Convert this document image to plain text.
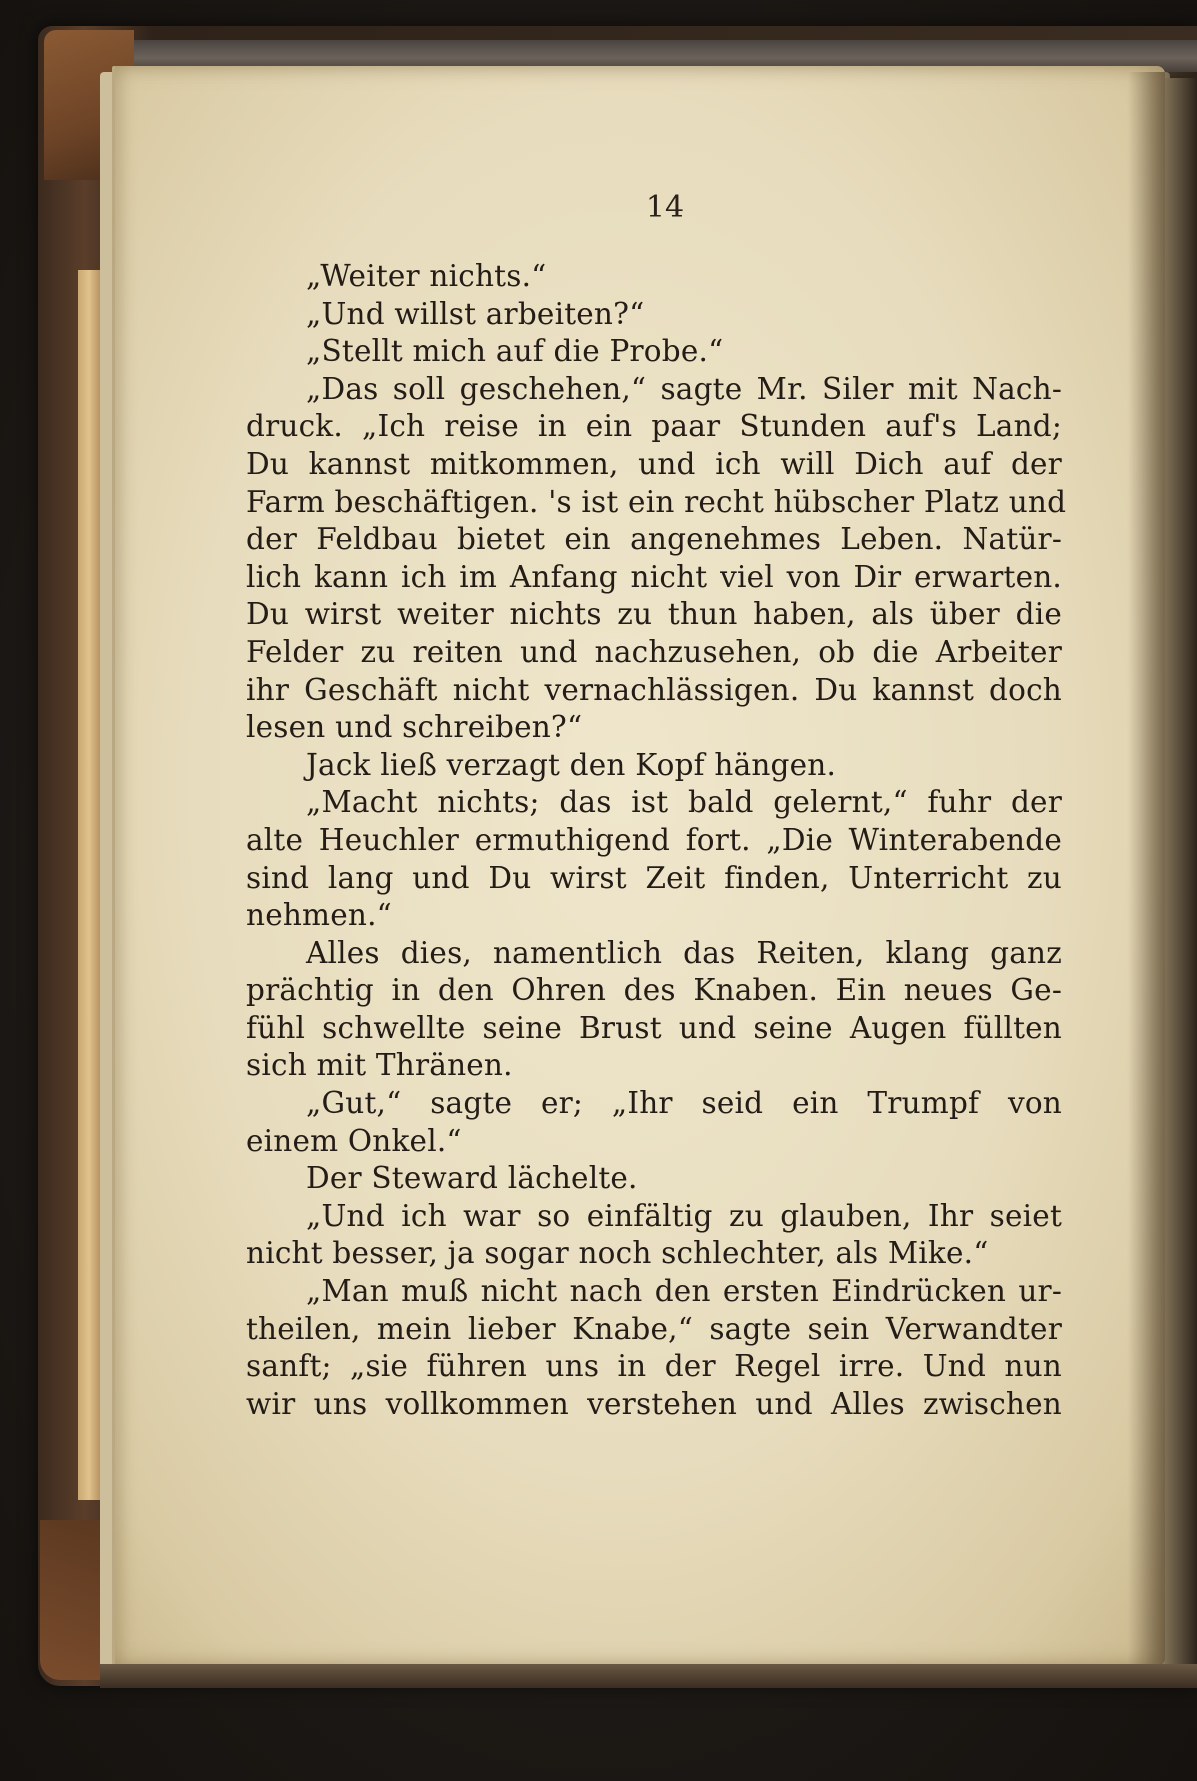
14
„Weiter nichts.“
„Und willst arbeiten?“
„Stellt mich auf die Probe.“
„Das soll geschehen,“ sagte Mr. Siler mit Nach-
druck. „Ich reise in ein paar Stunden auf's Land;
Du kannst mitkommen, und ich will Dich auf der
Farm beschäftigen. 's ist ein recht hübscher Platz und
der Feldbau bietet ein angenehmes Leben. Natür-
lich kann ich im Anfang nicht viel von Dir erwarten.
Du wirst weiter nichts zu thun haben, als über die
Felder zu reiten und nachzusehen, ob die Arbeiter
ihr Geschäft nicht vernachlässigen. Du kannst doch
lesen und schreiben?“
Jack ließ verzagt den Kopf hängen.
„Macht nichts; das ist bald gelernt,“ fuhr der
alte Heuchler ermuthigend fort. „Die Winterabende
sind lang und Du wirst Zeit finden, Unterricht zu
nehmen.“
Alles dies, namentlich das Reiten, klang ganz
prächtig in den Ohren des Knaben. Ein neues Ge-
fühl schwellte seine Brust und seine Augen füllten
sich mit Thränen.
„Gut,“ sagte er; „Ihr seid ein Trumpf von
einem Onkel.“
Der Steward lächelte.
„Und ich war so einfältig zu glauben, Ihr seiet
nicht besser, ja sogar noch schlechter, als Mike.“
„Man muß nicht nach den ersten Eindrücken ur-
theilen, mein lieber Knabe,“ sagte sein Verwandter
sanft; „sie führen uns in der Regel irre. Und nun
wir uns vollkommen verstehen und Alles zwischen
